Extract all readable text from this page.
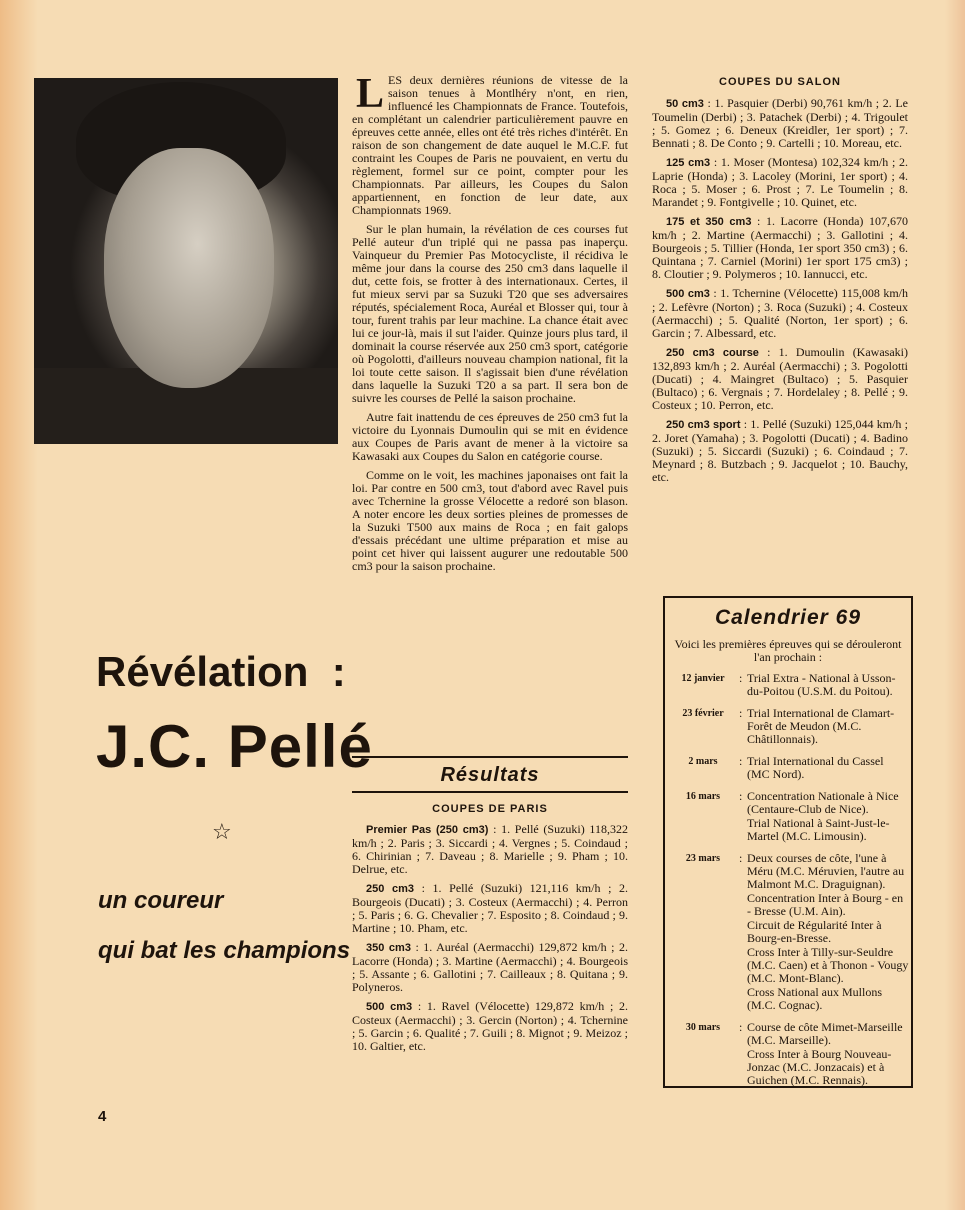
Révélation  :
J.C. Pellé
☆
un coureur
qui bat les champions
4

LES deux dernières réunions de vitesse de la saison tenues à Montlhéry n'ont, en rien, influencé les Championnats de France. Toutefois, en complétant un calendrier particulièrement pauvre en épreuves cette année, elles ont été très riches d'intérêt. En raison de son changement de date auquel le M.C.F. fut contraint les Coupes de Paris ne pouvaient, en vertu du règlement, formel sur ce point, compter pour les Championnats. Par ailleurs, les Coupes du Salon appartiennent, en fonction de leur date, aux Championnats 1969.

Sur le plan humain, la révélation de ces courses fut Pellé auteur d'un triplé qui ne passa pas inaperçu. Vainqueur du Premier Pas Motocycliste, il récidiva le même jour dans la course des 250 cm3 dans laquelle il dut, cette fois, se frotter à des internationaux. Certes, il fut mieux servi par sa Suzuki T20 que ses adversaires réputés, spécialement Roca, Auréal et Blosser qui, tour à tour, furent trahis par leur machine. La chance était avec lui ce jour-là, mais il sut l'aider. Quinze jours plus tard, il dominait la course réservée aux 250 cm3 sport, catégorie où Pogolotti, d'ailleurs nouveau champion national, fit la loi toute cette saison. Il s'agissait bien d'une révélation dans laquelle la Suzuki T20 a sa part. Il sera bon de suivre les courses de Pellé la saison prochaine.

Autre fait inattendu de ces épreuves de 250 cm3 fut la victoire du Lyonnais Dumoulin qui se mit en évidence aux Coupes de Paris avant de mener à la victoire sa Kawasaki aux Coupes du Salon en catégorie course.

Comme on le voit, les machines japonaises ont fait la loi. Par contre en 500 cm3, tout d'abord avec Ravel puis avec Tchernine la grosse Vélocette a redoré son blason. A noter encore les deux sorties pleines de promesses de la Suzuki T500 aux mains de Roca ; en fait galops d'essais précédant une ultime préparation et mise au point cet hiver qui laissent augurer une redoutable 500 cm3 pour la saison prochaine.

Résultats
COUPES DE PARIS

Premier Pas (250 cm3) : 1. Pellé (Suzuki) 118,322 km/h ; 2. Paris ; 3. Siccardi ; 4. Vergnes ; 5. Coindaud ; 6. Chirinian ; 7. Daveau ; 8. Marielle ; 9. Pham ; 10. Delrue, etc.

250 cm3 : 1. Pellé (Suzuki) 121,116 km/h ; 2. Bourgeois (Ducati) ; 3. Costeux (Aermacchi) ; 4. Perron ; 5. Paris ; 6. G. Chevalier ; 7. Esposito ; 8. Coindaud ; 9. Martine ; 10. Pham, etc.

350 cm3 : 1. Auréal (Aermacchi) 129,872 km/h ; 2. Lacorre (Honda) ; 3. Martine (Aermacchi) ; 4. Bourgeois ; 5. Assante ; 6. Gallotini ; 7. Cailleaux ; 8. Quitana ; 9. Polyneros.

500 cm3 : 1. Ravel (Vélocette) 129,872 km/h ; 2. Costeux (Aermacchi) ; 3. Gercin (Norton) ; 4. Tchernine ; 5. Garcin ; 6. Qualité ; 7. Guili ; 8. Mignot ; 9. Meizoz ; 10. Galtier, etc.

COUPES DU SALON

50 cm3 : 1. Pasquier (Derbi) 90,761 km/h ; 2. Le Toumelin (Derbi) ; 3. Patachek (Derbi) ; 4. Trigoulet ; 5. Gomez ; 6. Deneux (Kreidler, 1er sport) ; 7. Bennati ; 8. De Conto ; 9. Cartelli ; 10. Moreau, etc.

125 cm3 : 1. Moser (Montesa) 102,324 km/h ; 2. Laprie (Honda) ; 3. Lacoley (Morini, 1er sport) ; 4. Roca ; 5. Moser ; 6. Prost ; 7. Le Toumelin ; 8. Marandet ; 9. Fontgivelle ; 10. Quinet, etc.

175 et 350 cm3 : 1. Lacorre (Honda) 107,670 km/h ; 2. Martine (Aermacchi) ; 3. Gallotini ; 4. Bourgeois ; 5. Tillier (Honda, 1er sport 350 cm3) ; 6. Quintana ; 7. Carniel (Morini) 1er sport 175 cm3) ; 8. Cloutier ; 9. Polymeros ; 10. Iannucci, etc.

500 cm3 : 1. Tchernine (Vélocette) 115,008 km/h ; 2. Lefèvre (Norton) ; 3. Roca (Suzuki) ; 4. Costeux (Aermacchi) ; 5. Qualité (Norton, 1er sport) ; 6. Garcin ; 7. Albessard, etc.

250 cm3 course : 1. Dumoulin (Kawasaki) 132,893 km/h ; 2. Auréal (Aermacchi) ; 3. Pogolotti (Ducati) ; 4. Maingret (Bultaco) ; 5. Pasquier (Bultaco) ; 6. Vergnais ; 7. Hordelaley ; 8. Pellé ; 9. Costeux ; 10. Perron, etc.

250 cm3 sport : 1. Pellé (Suzuki) 125,044 km/h ; 2. Joret (Yamaha) ; 3. Pogolotti (Ducati) ; 4. Badino (Suzuki) ; 5. Siccardi (Suzuki) ; 6. Coindaud ; 7. Meynard ; 8. Butzbach ; 9. Jacquelot ; 10. Bauchy, etc.

Calendrier 69
Voici les premières épreuves qui se dérouleront l'an prochain :
12 janvier	: Trial Extra - National à Usson-du-Poitou (U.S.M. du Poitou).
23 février	: Trial International de Clamart-Forêt de Meudon (M.C. Châtillonnais).
2 mars	: Trial International du Cassel (MC Nord).
16 mars	: Concentration Nationale à Nice (Centaure-Club de Nice).
Trial National à Saint-Just-le-Martel (M.C. Limousin).
23 mars	: Deux courses de côte, l'une à Méru (M.C. Méruvien, l'autre au Malmont M.C. Draguignan).
Concentration Inter à Bourg - en - Bresse (U.M. Ain).
Circuit de Régularité Inter à Bourg-en-Bresse.
Cross Inter à Tilly-sur-Seuldre (M.C. Caen) et à Thonon - Vougy (M.C. Mont-Blanc).
Cross National aux Mullons (M.C. Cognac).
30 mars	: Course de côte Mimet-Marseille (M.C. Marseille).
Cross Inter à Bourg Nouveau-Jonzac (M.C. Jonzacais) et à Guichen (M.C. Rennais).
